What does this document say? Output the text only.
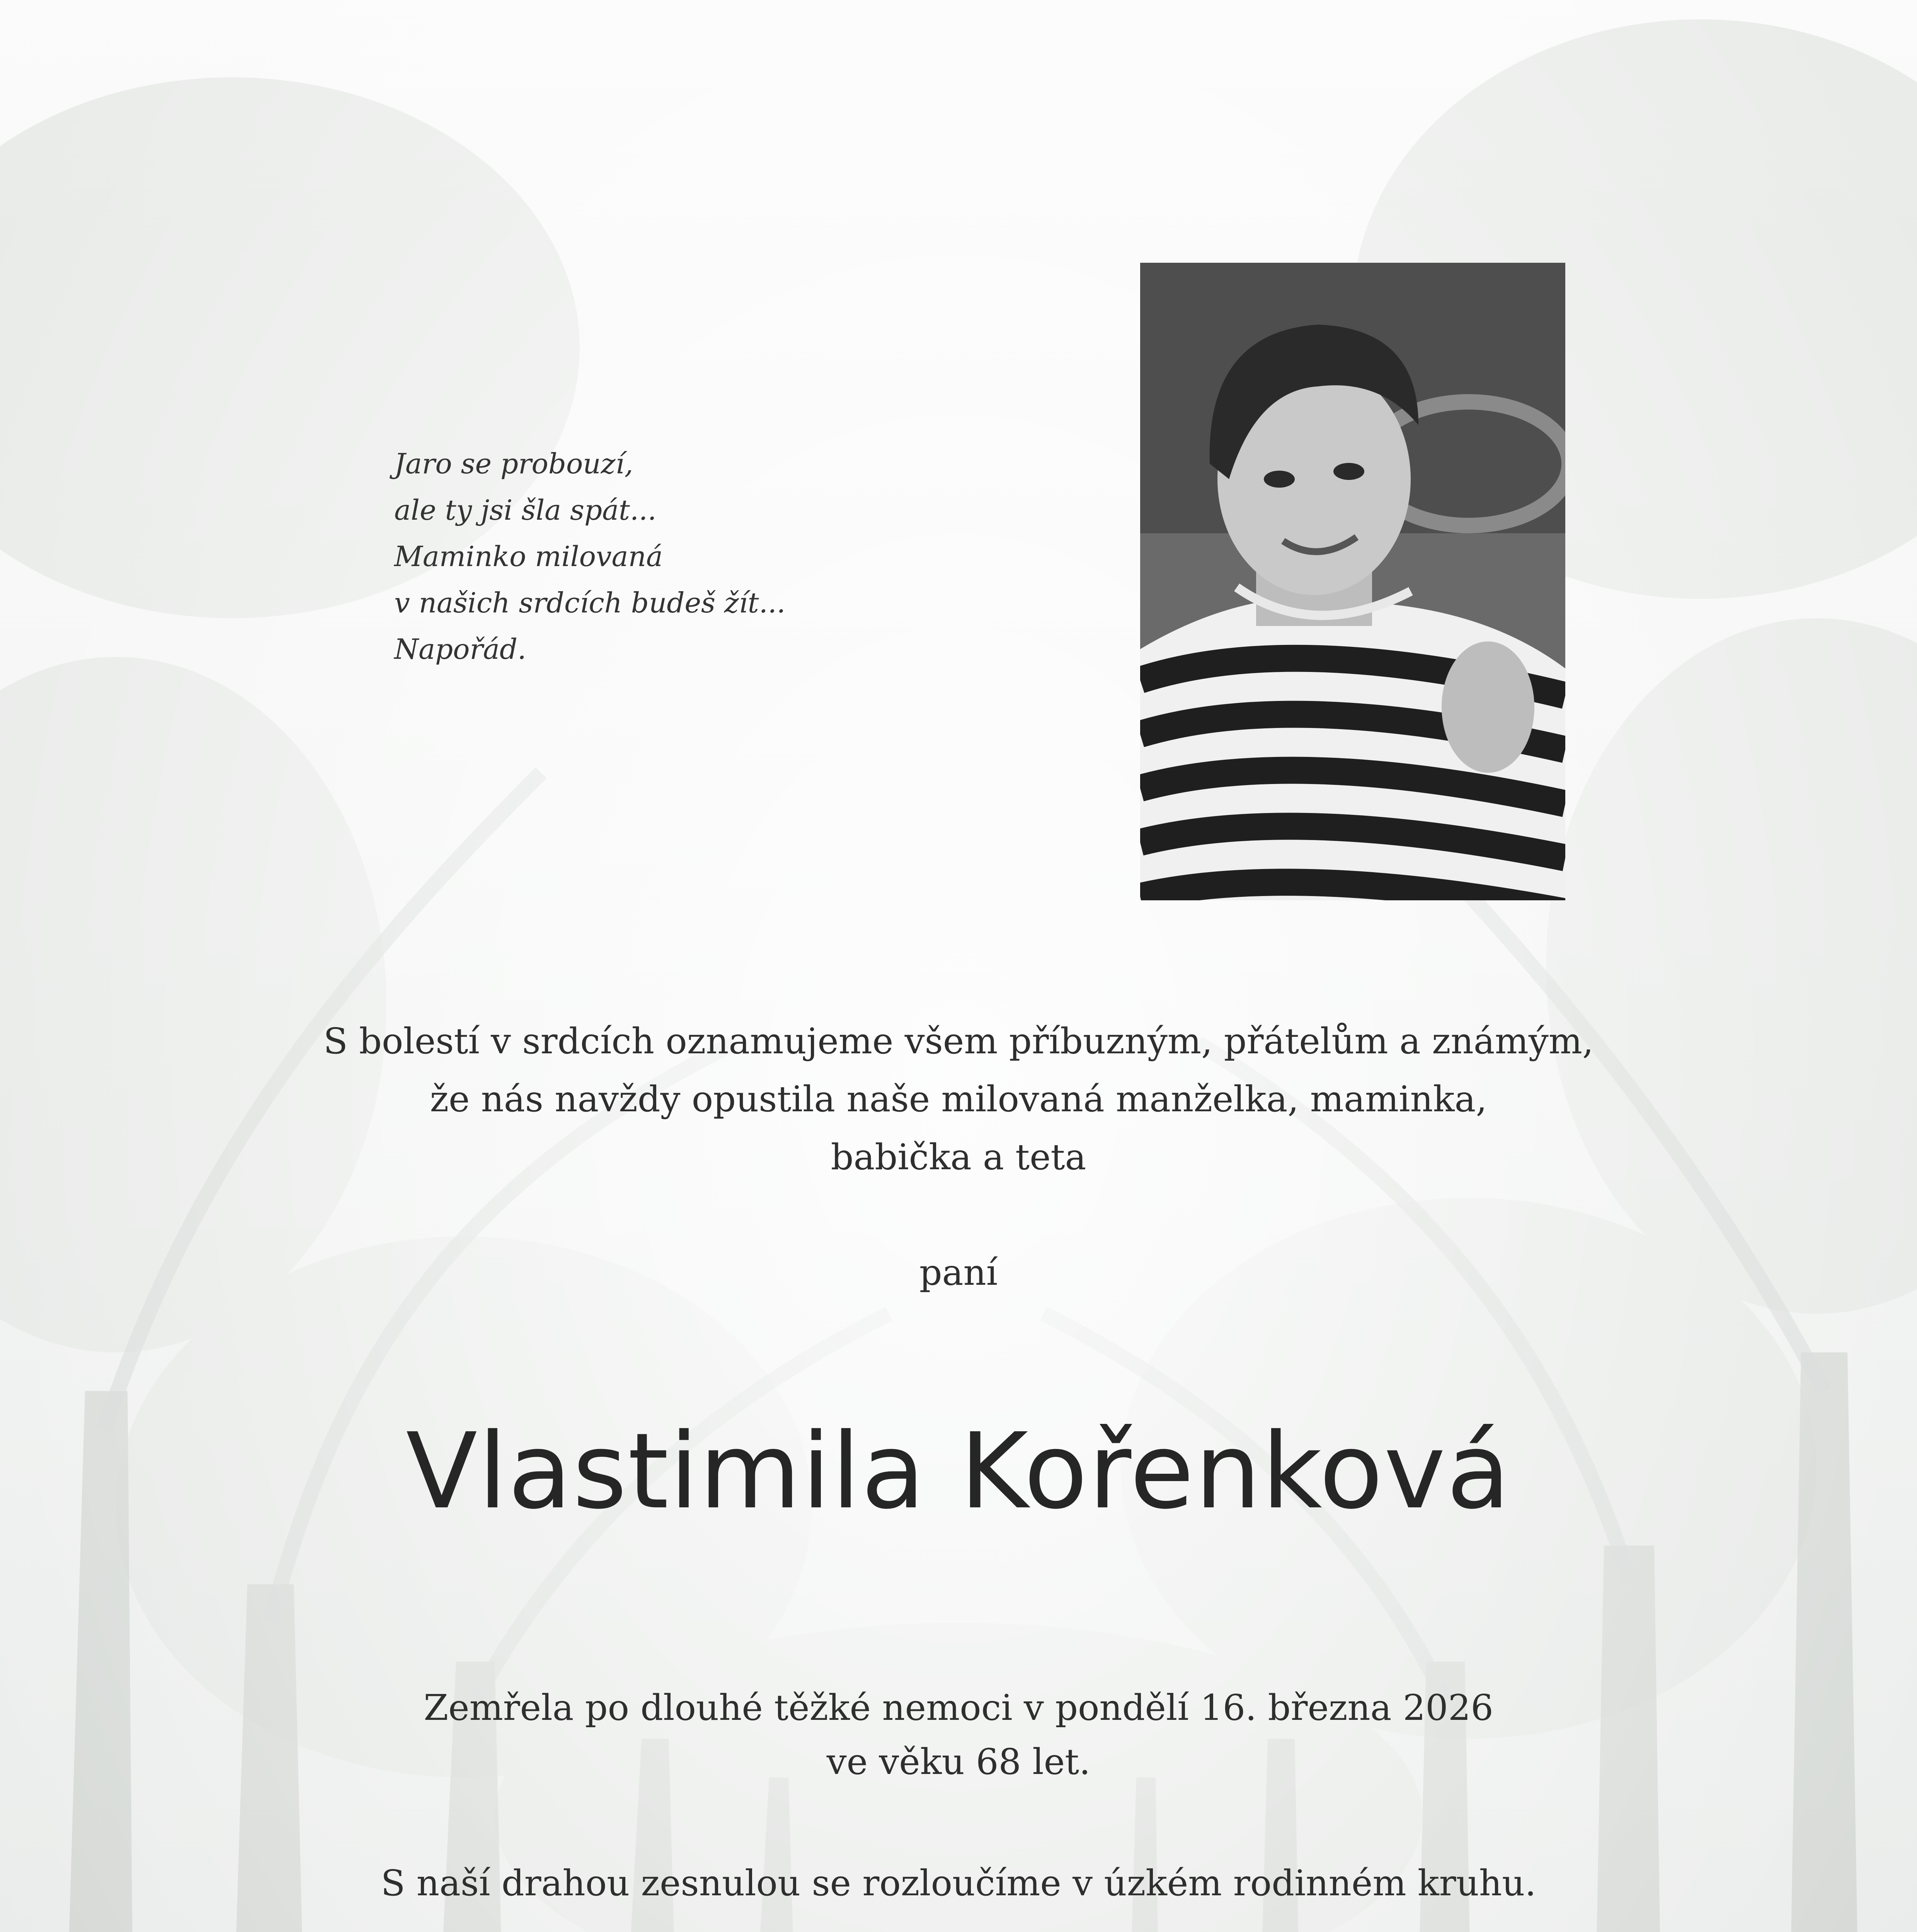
Jaro se probouzí,
ale ty jsi šla spát...
Maminko milovaná
v našich srdcích budeš žít...
Napořád.
S bolestí v srdcích oznamujeme všem příbuzným, přátelům a známým,
že nás navždy opustila naše milovaná manželka, maminka,
babička a teta
paní
Vlastimila Kořenková
Zemřela po dlouhé těžké nemoci v pondělí 16. března 2026
ve věku 68 let.
S naší drahou zesnulou se rozloučíme v úzkém rodinném kruhu.
